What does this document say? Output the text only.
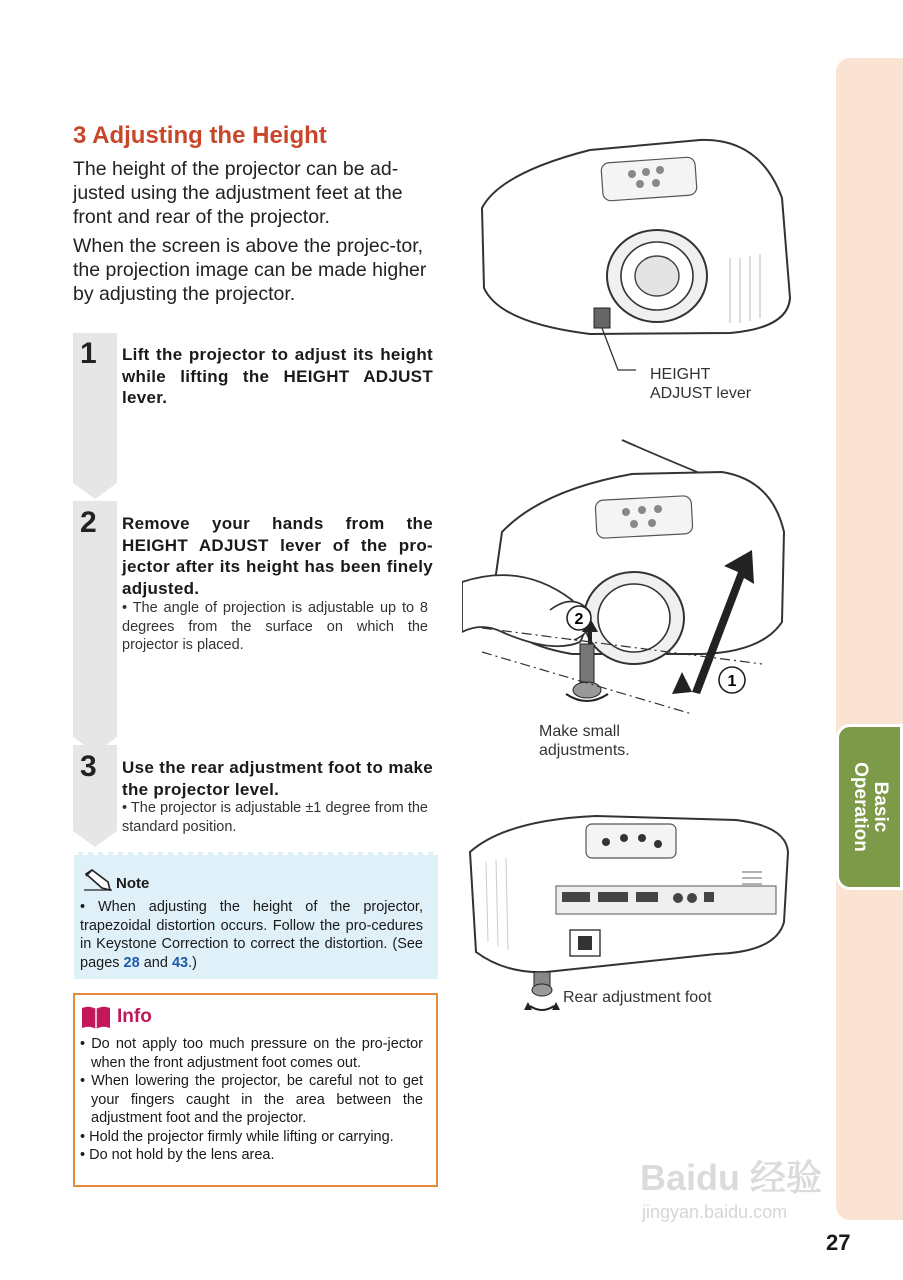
Basic
Operation
3 Adjusting the Height
The height of the projector can be ad-justed using the adjustment feet at the front and rear of the projector.
When the screen is above the projec-tor, the projection image can be made higher by adjusting the projector.
1 Lift the projector to adjust its height while lifting the HEIGHT ADJUST lever.
2 Remove your hands from the HEIGHT ADJUST lever of the pro-jector after its height has been finely adjusted.
• The angle of projection is adjustable up to 8 degrees from the surface on which the projector is placed.
3 Use the rear adjustment foot to make the projector level.
• The projector is adjustable ±1 degree from the standard position.
Note
• When adjusting the height of the projector, trapezoidal distortion occurs. Follow the pro-cedures in Keystone Correction to correct the distortion. (See pages 28 and 43.)
Info
• Do not apply too much pressure on the pro-jector when the front adjustment foot comes out.
• When lowering the projector, be careful not to get your fingers caught in the area between the adjustment foot and the projector.
• Hold the projector firmly while lifting or carrying.
• Do not hold by the lens area.
HEIGHT
ADJUST lever
2
1
Make small
adjustments.
Rear adjustment foot
Baidu 经验
jingyan.baidu.com
27
